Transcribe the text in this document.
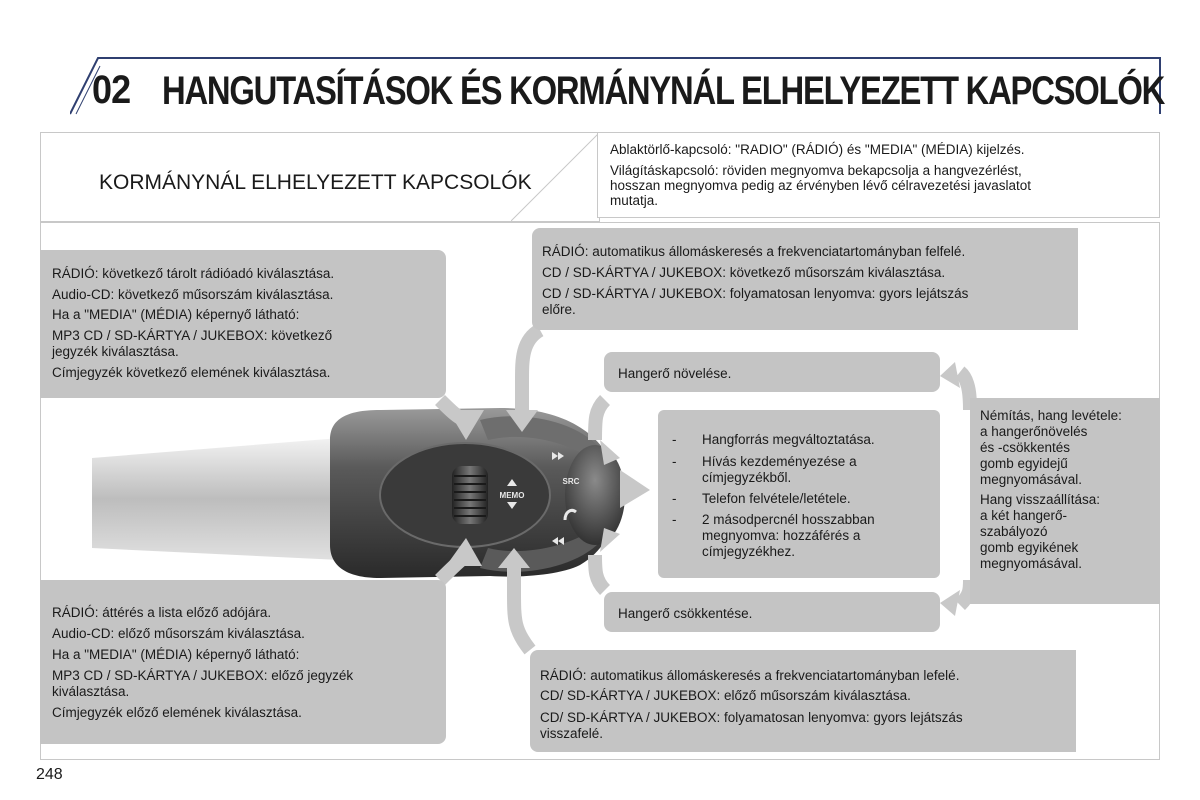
02 HANGUTASÍTÁSOK ÉS KORMÁNYNÁL ELHELYEZETT KAPCSOLÓK
KORMÁNYNÁL ELHELYEZETT KAPCSOLÓK

Ablaktörlő-kapcsoló: "RADIO" (RÁDIÓ) és "MEDIA" (MÉDIA) kijelzés.

Világításkapcsoló: röviden megnyomva bekapcsolja a hangvezérlést,

hosszan megnyomva pedig az érvényben lévő célravezetési javaslatot

mutatja.

MEMO
SRC

RÁDIÓ: következő tárolt rádióadó kiválasztása.

Audio-CD: következő műsorszám kiválasztása.

Ha a "MEDIA" (MÉDIA) képernyő látható:

MP3 CD / SD-KÁRTYA / JUKEBOX: következő

jegyzék kiválasztása.

Címjegyzék következő elemének kiválasztása.

RÁDIÓ: áttérés a lista előző adójára.

Audio-CD: előző műsorszám kiválasztása.

Ha a "MEDIA" (MÉDIA) képernyő látható:

MP3 CD / SD-KÁRTYA / JUKEBOX: előző jegyzék

kiválasztása.

Címjegyzék előző elemének kiválasztása.

RÁDIÓ: automatikus állomáskeresés a frekvenciatartományban felfelé.

CD / SD-KÁRTYA / JUKEBOX: következő műsorszám kiválasztása.

CD / SD-KÁRTYA / JUKEBOX: folyamatosan lenyomva: gyors lejátszás

előre.

RÁDIÓ: automatikus állomáskeresés a frekvenciatartományban lefelé.

CD/ SD-KÁRTYA / JUKEBOX: előző műsorszám kiválasztása.

CD/ SD-KÁRTYA / JUKEBOX: folyamatosan lenyomva: gyors lejátszás

visszafelé.

Hangerő növelése.

Hangerő csökkentése.

- Hangforrás megváltoztatása.

- Hívás kezdeményezése a

címjegyzékből.

- Telefon felvétele/letétele.

- 2 másodpercnél hosszabban

megnyomva: hozzáférés a

címjegyzékhez.

Némítás, hang levétele:

a hangerőnövelés

és -csökkentés

gomb egyidejű

megnyomásával.

Hang visszaállítása:

a két hangerő-

szabályozó

gomb egyikének

megnyomásával.

248
